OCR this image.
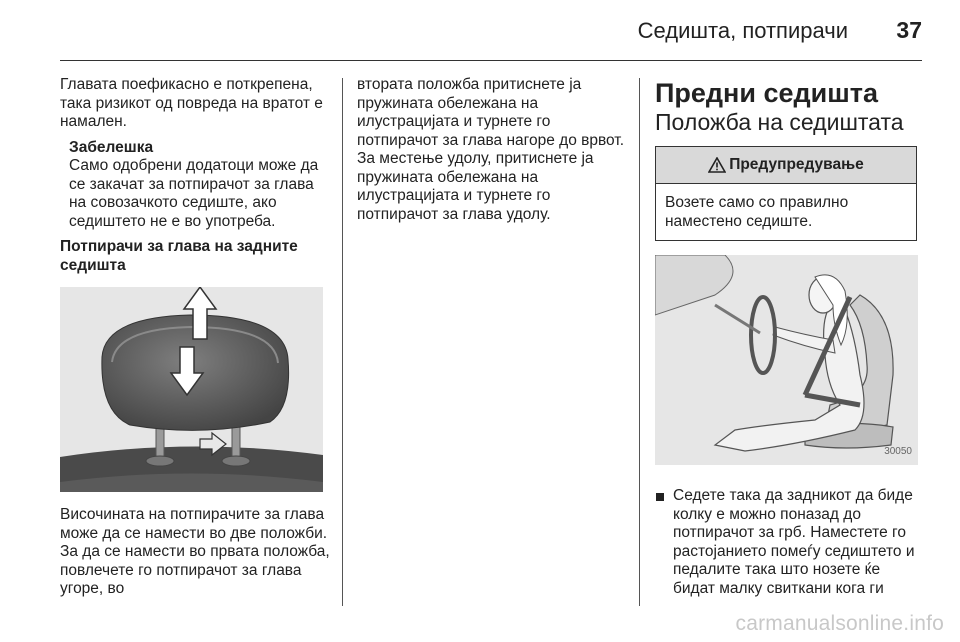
Седишта, потпирачи 37

Главата поефикасно е поткрепена, така ризикот од повреда на вратот е намален.

Забелешка

Само одобрени додатоци може да се закачат за потпирачот за глава на совозачкото седиште, ако седиштето не е во употреба.

Потпирачи за глава на задните седишта

Височината на потпирачите за глава може да се намести во две положби. За да се намести во првата положба, повлечете го потпирачот за глава угоре, во

втората положба притиснете ја пружината обележана на илустрацијата и турнете го потпирачот за глава нагоре до врвот. За местење удолу, притиснете ја пружината обележана на илустрацијата и турнете го потпирачот за глава удолу.

Предни седишта

Положба на седиштата

Предупредување
Возете само со правилно наместено седиште.
30050
Седете така да задникот да биде колку е можно поназад до потпирачот за грб. Наместете го растојанието помеѓу седиштето и педалите така што нозете ќе бидат малку свиткани кога ги
carmanualsonline.info
